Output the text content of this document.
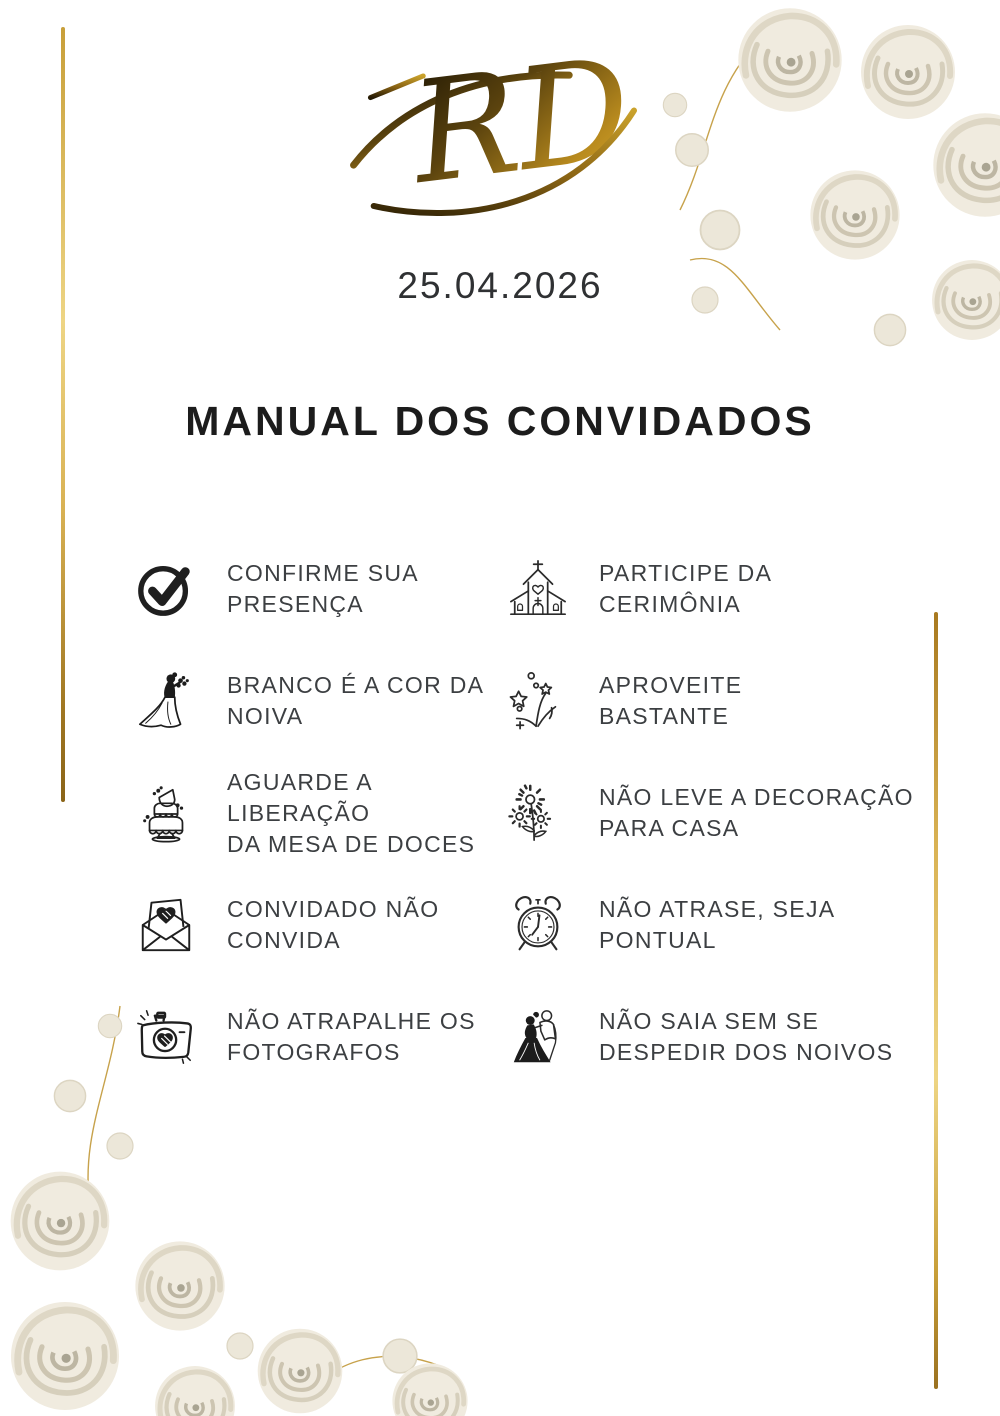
RD
25.04.2026
MANUAL DOS CONVIDADOS
CONFIRME SUA
PRESENÇA
PARTICIPE DA
CERIMÔNIA
BRANCO É A COR DA
NOIVA
APROVEITE
BASTANTE
AGUARDE A LIBERAÇÃO
DA MESA DE DOCES
NÃO LEVE A DECORAÇÃO
PARA CASA
CONVIDADO NÃO
CONVIDA
NÃO ATRASE, SEJA
PONTUAL
NÃO ATRAPALHE OS
FOTOGRAFOS
NÃO SAIA SEM SE
DESPEDIR DOS NOIVOS
